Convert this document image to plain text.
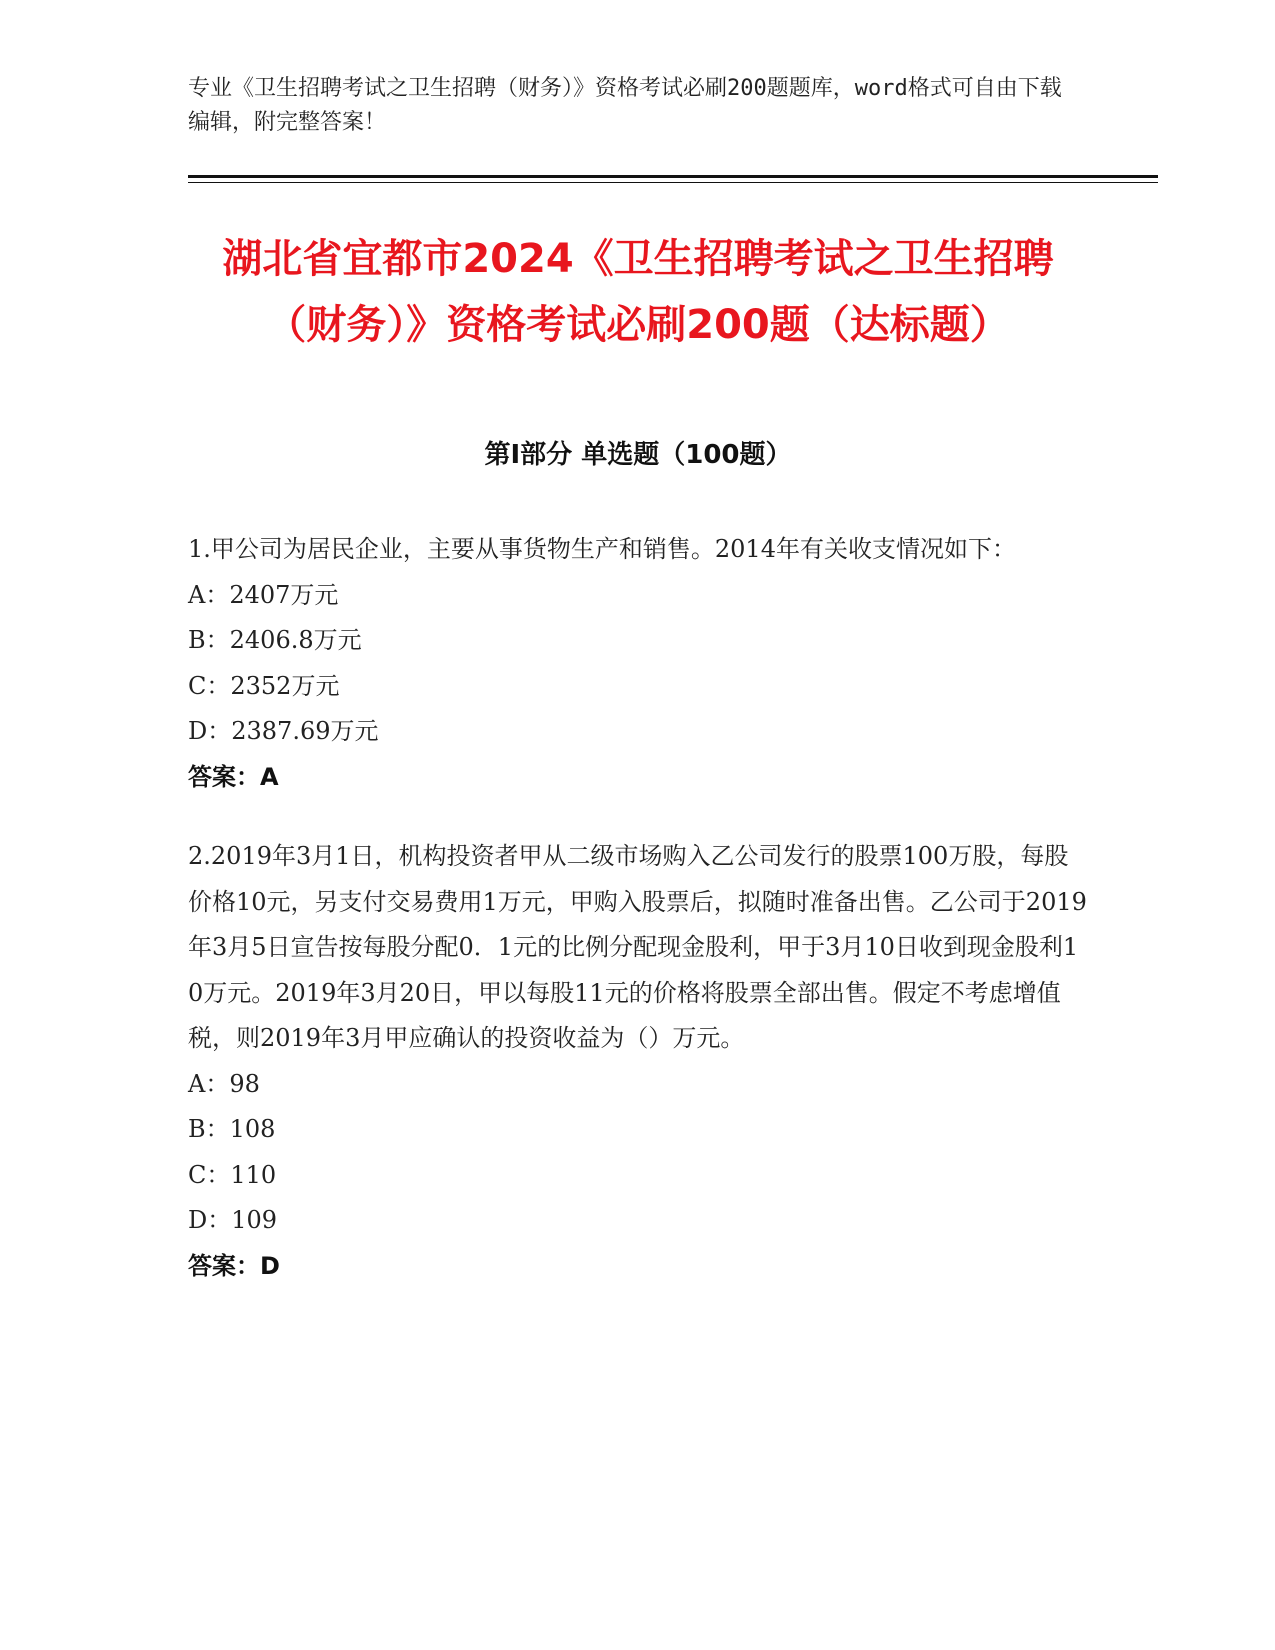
专业《卫生招聘考试之卫生招聘（财务）》资格考试必刷200题题库，word格式可自由下载编辑，附完整答案！
湖北省宜都市2024《卫生招聘考试之卫生招聘（财务）》资格考试必刷200题（达标题）
第I部分 单选题（100题）
1.甲公司为居民企业，主要从事货物生产和销售。2014年有关收支情况如下：
A：2407万元
B：2406.8万元
C：2352万元
D：2387.69万元
答案：A
2.2019年3月1日，机构投资者甲从二级市场购入乙公司发行的股票100万股，每股价格10元，另支付交易费用1万元，甲购入股票后，拟随时准备出售。乙公司于2019年3月5日宣告按每股分配0．1元的比例分配现金股利，甲于3月10日收到现金股利10万元。2019年3月20日，甲以每股11元的价格将股票全部出售。假定不考虑增值税，则2019年3月甲应确认的投资收益为（）万元。
A：98
B：108
C：110
D：109
答案：D
